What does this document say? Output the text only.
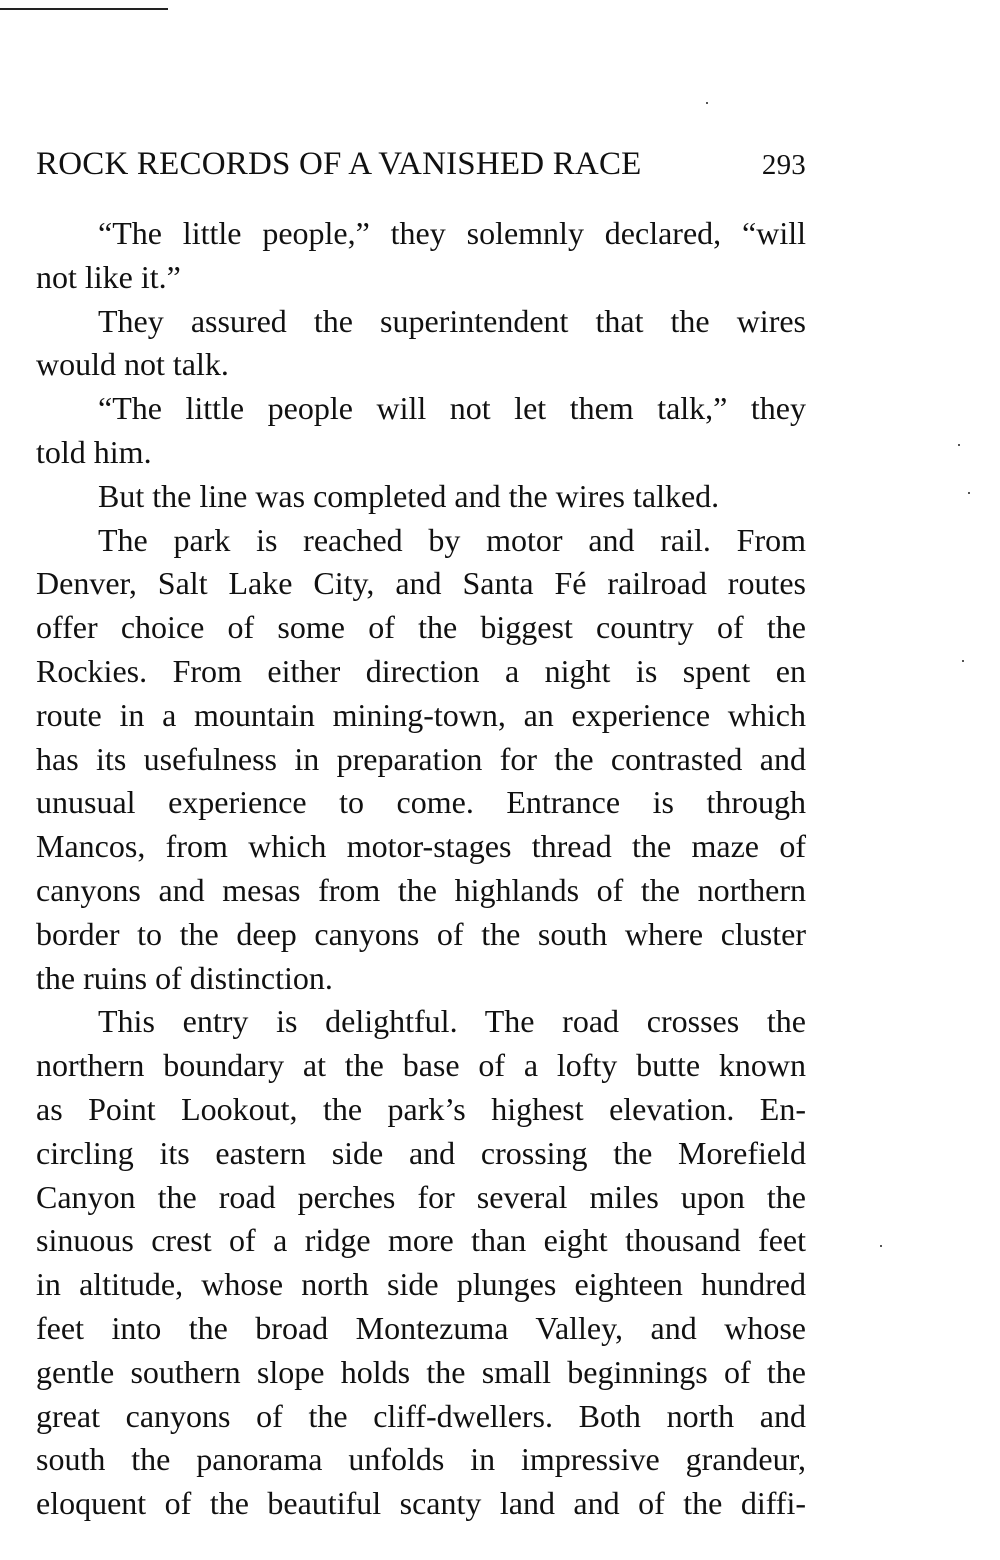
ROCK RECORDS OF A VANISHED RACE	293
“The little people,” they solemnly declared, “will
not like it.”
They assured the superintendent that the wires
would not talk.
“The little people will not let them talk,” they
told him.
But the line was completed and the wires talked.
The park is reached by motor and rail. From
Denver, Salt Lake City, and Santa Fé railroad routes
offer choice of some of the biggest country of the
Rockies. From either direction a night is spent en
route in a mountain mining-town, an experience which
has its usefulness in preparation for the contrasted and
unusual experience to come. Entrance is through
Mancos, from which motor-stages thread the maze of
canyons and mesas from the highlands of the northern
border to the deep canyons of the south where cluster
the ruins of distinction.
This entry is delightful. The road crosses the
northern boundary at the base of a lofty butte known
as Point Lookout, the park’s highest elevation. En-
circling its eastern side and crossing the Morefield
Canyon the road perches for several miles upon the
sinuous crest of a ridge more than eight thousand feet
in altitude, whose north side plunges eighteen hundred
feet into the broad Montezuma Valley, and whose
gentle southern slope holds the small beginnings of the
great canyons of the cliff-dwellers. Both north and
south the panorama unfolds in impressive grandeur,
eloquent of the beautiful scanty land and of the diffi-
